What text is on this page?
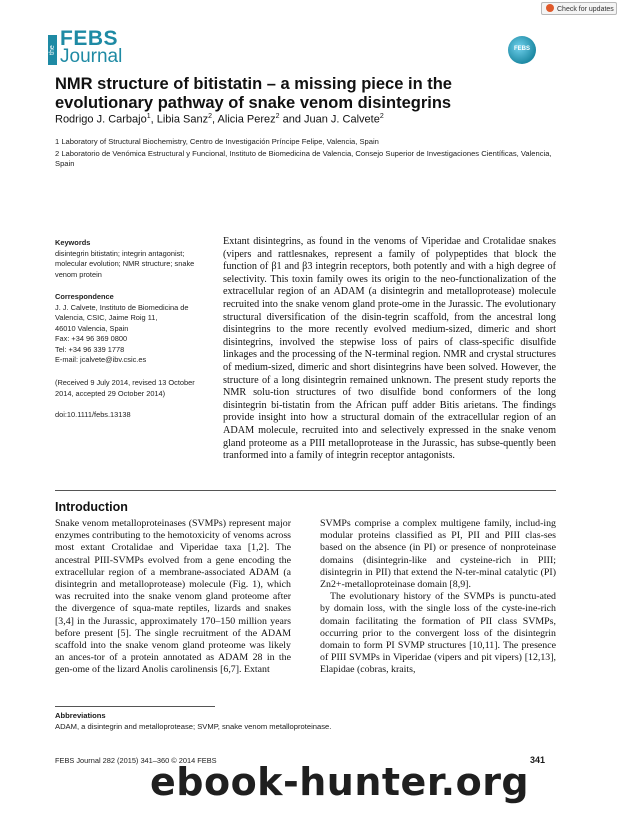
Check for updates
the
FEBS
Journal	FEBS
NMR structure of bitistatin – a missing piece in the
evolutionary pathway of snake venom disintegrins
Rodrigo J. Carbajo$^1$, Libia Sanz$^2$, Alicia Perez$^2$ and Juan J. Calvete$^2$
1 Laboratory of Structural Biochemistry, Centro de Investigación Príncipe Felipe, Valencia, Spain
2 Laboratorio de Venómica Estructural y Funcional, Instituto de Biomedicina de Valencia, Consejo Superior de Investigaciones Científicas, Valencia, Spain
Keywords
disintegrin bitistatin; integrin antagonist; molecular evolution; NMR structure; snake venom protein
Correspondence
J. J. Calvete, Instituto de Biomedicina de
Valencia, CSIC, Jaime Roig 11,
46010 Valencia, Spain
Fax: +34 96 369 0800
Tel: +34 96 339 1778
E-mail: jcalvete@ibv.csic.es
(Received 9 July 2014, revised 13 October 2014, accepted 29 October 2014)
doi:10.1111/febs.13138
Extant disintegrins, as found in the venoms of Viperidae and Crotalidae snakes (vipers and rattlesnakes, represent a family of polypeptides that block the function of β1 and β3 integrin receptors, both potently and with a high degree of selectivity. This toxin family owes its origin to the neo-functionalization of the extracellular region of an ADAM (a disintegrin and metalloprotease) molecule recruited into the snake venom gland prote-ome in the Jurassic. The evolutionary structural diversification of the disin-tegrin scaffold, from the ancestral long disintegrins to the more recently evolved medium-sized, dimeric and short disintegrins, involved the stepwise loss of pairs of class-specific disulfide linkages and the processing of the N-terminal region. NMR and crystal structures of medium-sized, dimeric and short disintegrins have been solved. However, the structure of a long disintegrin remained unknown. The present study reports the NMR solu-tion structures of two disulfide bond conformers of the long disintegrin bi-tistatin from the African puff adder Bitis arietans. The findings provide insight into how a structural domain of the extracellular region of an ADAM molecule, recruited into and selectively expressed in the snake venom gland proteome as a PIII metalloprotease in the Jurassic, has subse-quently been tranformed into a family of integrin receptor antagonists.
Introduction

Snake venom metalloproteinases (SVMPs) represent major enzymes contributing to the hemotoxicity of venoms across most extant Crotalidae and Viperidae taxa [1,2]. The ancestral PIII-SVMPs evolved from a gene encoding the extracellular region of a membrane-associated ADAM (a disintegrin and metalloprotease) molecule (Fig. 1), which was recruited into the snake venom gland proteome after the divergence of squa-mate reptiles, lizards and snakes [3,4] in the Jurassic, approximately 170–150 million years before present [5]. The single recruitment of the ADAM scaffold into the snake venom gland proteome was likely an ances-tor of a protein annotated as ADAM 28 in the gen-ome of the lizard Anolis carolinensis [6,7]. Extant

SVMPs comprise a complex multigene family, includ-ing modular proteins classified as PI, PII and PIII clas-ses based on the absence (in PI) or presence of nonproteinase domains (disintegrin-like and cysteine-rich in PIII; disintegrin in PII) that extend the N-ter-minal catalytic (PI) Zn2+-metalloproteinase domain [8,9].

The evolutionary history of the SVMPs is punctu-ated by domain loss, with the single loss of the cyste-ine-rich domain facilitating the formation of PII class SVMPs, occurring prior to the convergent loss of the disintegrin domain to form PI SVMP structures [10,11]. The presence of PIII SVMPs in Viperidae (vipers and pit vipers) [12,13], Elapidae (cobras, kraits,

Abbreviations
ADAM, a disintegrin and metalloprotease; SVMP, snake venom metalloproteinase.
FEBS Journal 282 (2015) 341–360 © 2014 FEBS	341
ebook-hunter.org
